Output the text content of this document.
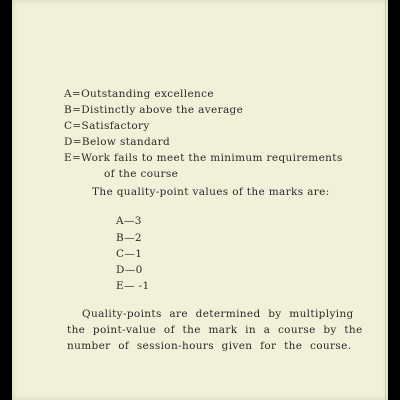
A=Outstanding excellence
B=Distinctly above the average
C=Satisfactory
D=Below standard
E=Work fails to meet the minimum requirements
of the course
The quality-point values of the marks are:
A—3
B—2
C—1
D—0
E— -1
Quality-points are determined by multiplying
the point-value of the mark in a course by the
number of session-hours given for the course.
